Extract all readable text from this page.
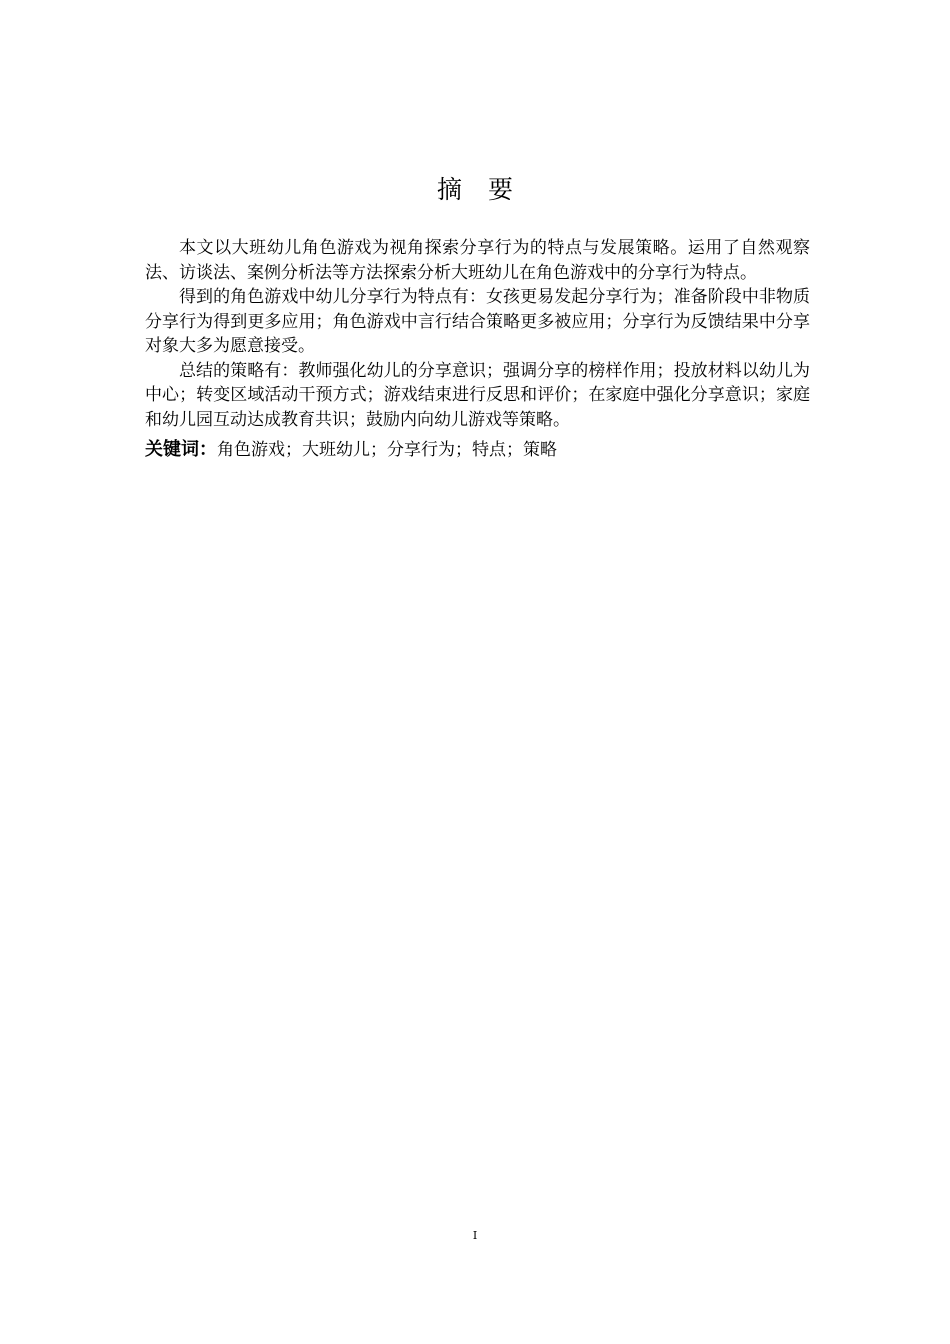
摘要

本文以大班幼儿角色游戏为视角探索分享行为的特点与发展策略。运用了自然观察法、访谈法、案例分析法等方法探索分析大班幼儿在角色游戏中的分享行为特点。

得到的角色游戏中幼儿分享行为特点有：女孩更易发起分享行为；准备阶段中非物质分享行为得到更多应用；角色游戏中言行结合策略更多被应用；分享行为反馈结果中分享对象大多为愿意接受。

总结的策略有：教师强化幼儿的分享意识；强调分享的榜样作用；投放材料以幼儿为中心；转变区域活动干预方式；游戏结束进行反思和评价；在家庭中强化分享意识；家庭和幼儿园互动达成教育共识；鼓励内向幼儿游戏等策略。

关键词：角色游戏；大班幼儿；分享行为；特点；策略

I
